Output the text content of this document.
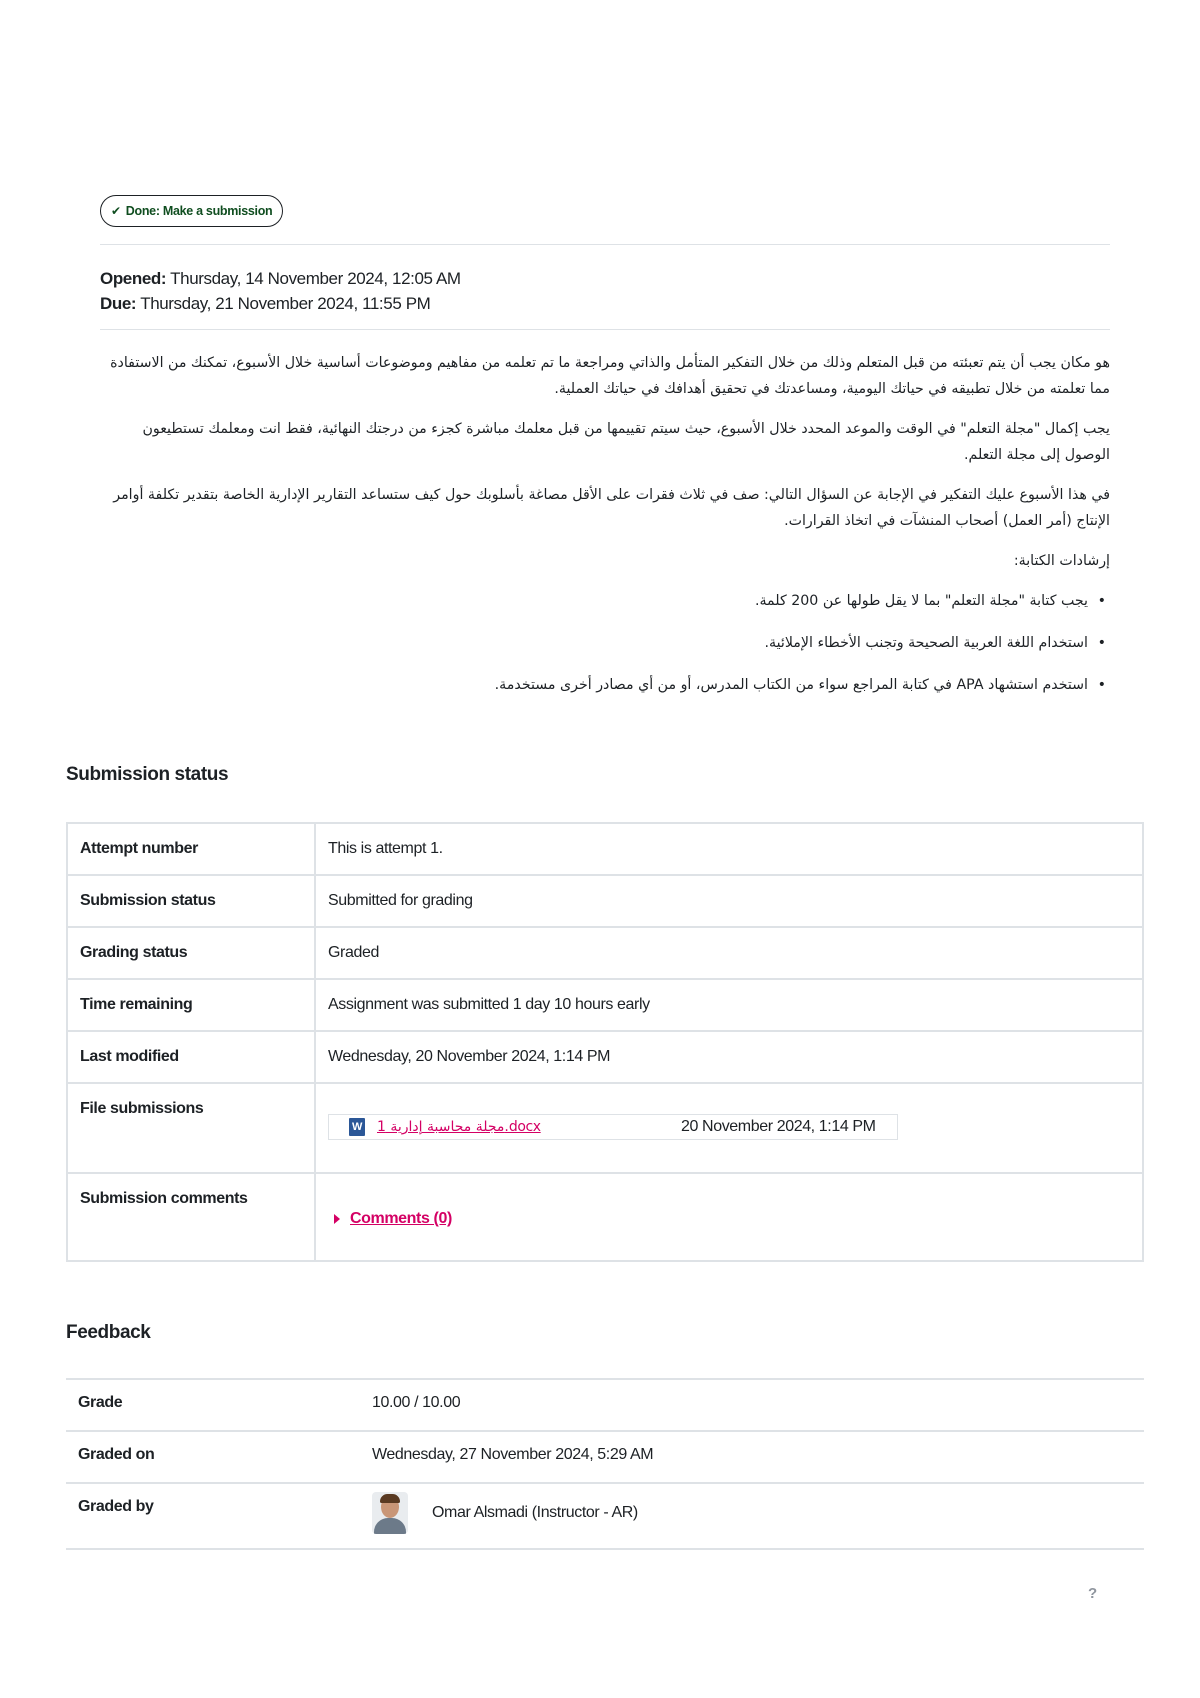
✔ Done: Make a submission
Opened: Thursday, 14 November 2024, 12:05 AM
Due: Thursday, 21 November 2024, 11:55 PM

هو مكان يجب أن يتم تعبئته من قبل المتعلم وذلك من خلال التفكير المتأمل والذاتي ومراجعة ما تم تعلمه من مفاهيم وموضوعات أساسية خلال الأسبوع، تمكنك من الاستفادة مما تعلمته من خلال تطبيقه في حياتك اليومية، ومساعدتك في تحقيق أهدافك في حياتك العملية.

يجب إكمال "مجلة التعلم" في الوقت والموعد المحدد خلال الأسبوع، حيث سيتم تقييمها من قبل معلمك مباشرة كجزء من درجتك النهائية، فقط انت ومعلمك تستطيعون الوصول إلى مجلة التعلم.

في هذا الأسبوع عليك التفكير في الإجابة عن السؤال التالي: صف في ثلاث فقرات على الأقل مصاغة بأسلوبك حول كيف ستساعد التقارير الإدارية الخاصة بتقدير تكلفة أوامر الإنتاج (أمر العمل) أصحاب المنشآت في اتخاذ القرارات.

إرشادات الكتابة:

• يجب كتابة "مجلة التعلم" بما لا يقل طولها عن 200 كلمة.
• استخدام اللغة العربية الصحيحة وتجنب الأخطاء الإملائية.
• استخدم استشهاد APA في كتابة المراجع سواء من الكتاب المدرس، أو من أي مصادر أخرى مستخدمة.
Submission status
Attempt number	This is attempt 1.
Submission status	Submitted for grading
Grading status	Graded
Time remaining	Assignment was submitted 1 day 10 hours early
Last modified	Wednesday, 20 November 2024, 1:14 PM
File submissions	W مجلة محاسبة إدارية 1.docx 20 November 2024, 1:14 PM

Submission comments	Comments (0)
Feedback
Grade	10.00 / 10.00
Graded on	Wednesday, 27 November 2024, 5:29 AM
Graded by	Omar Alsmadi (Instructor - AR)
?
